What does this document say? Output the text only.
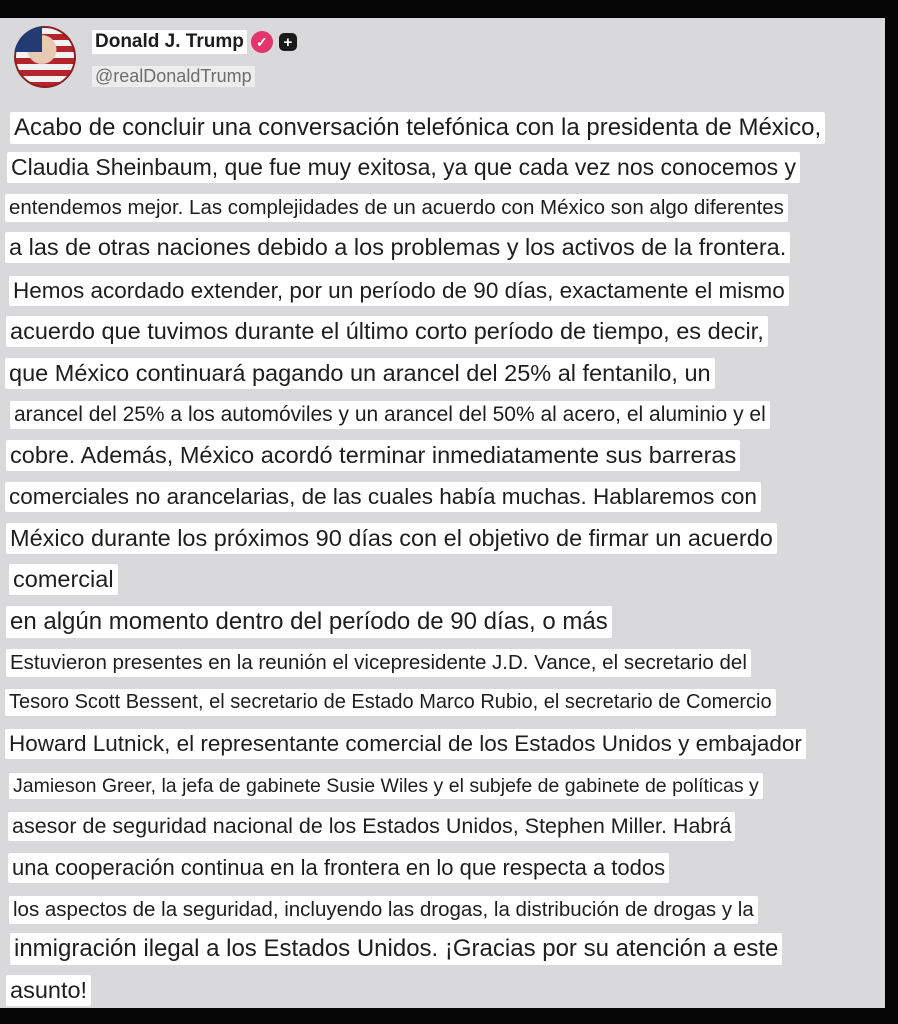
Donald J. Trump ✓	+
@realDonaldTrump
Acabo de concluir una conversación telefónica con la presidenta de México,
Claudia Sheinbaum, que fue muy exitosa, ya que cada vez nos conocemos y
entendemos mejor. Las complejidades de un acuerdo con México son algo diferentes
a las de otras naciones debido a los problemas y los activos de la frontera.
Hemos acordado extender, por un período de 90 días, exactamente el mismo
acuerdo que tuvimos durante el último corto período de tiempo, es decir,
que México continuará pagando un arancel del 25% al fentanilo, un
arancel del 25% a los automóviles y un arancel del 50% al acero, el aluminio y el
cobre. Además, México acordó terminar inmediatamente sus barreras
comerciales no arancelarias, de las cuales había muchas. Hablaremos con
México durante los próximos 90 días con el objetivo de firmar un acuerdo
comercial
en algún momento dentro del período de 90 días, o más
Estuvieron presentes en la reunión el vicepresidente J.D. Vance, el secretario del
Tesoro Scott Bessent, el secretario de Estado Marco Rubio, el secretario de Comercio
Howard Lutnick, el representante comercial de los Estados Unidos y embajador
Jamieson Greer, la jefa de gabinete Susie Wiles y el subjefe de gabinete de políticas y
asesor de seguridad nacional de los Estados Unidos, Stephen Miller. Habrá
una cooperación continua en la frontera en lo que respecta a todos
los aspectos de la seguridad, incluyendo las drogas, la distribución de drogas y la
inmigración ilegal a los Estados Unidos. ¡Gracias por su atención a este
asunto!
